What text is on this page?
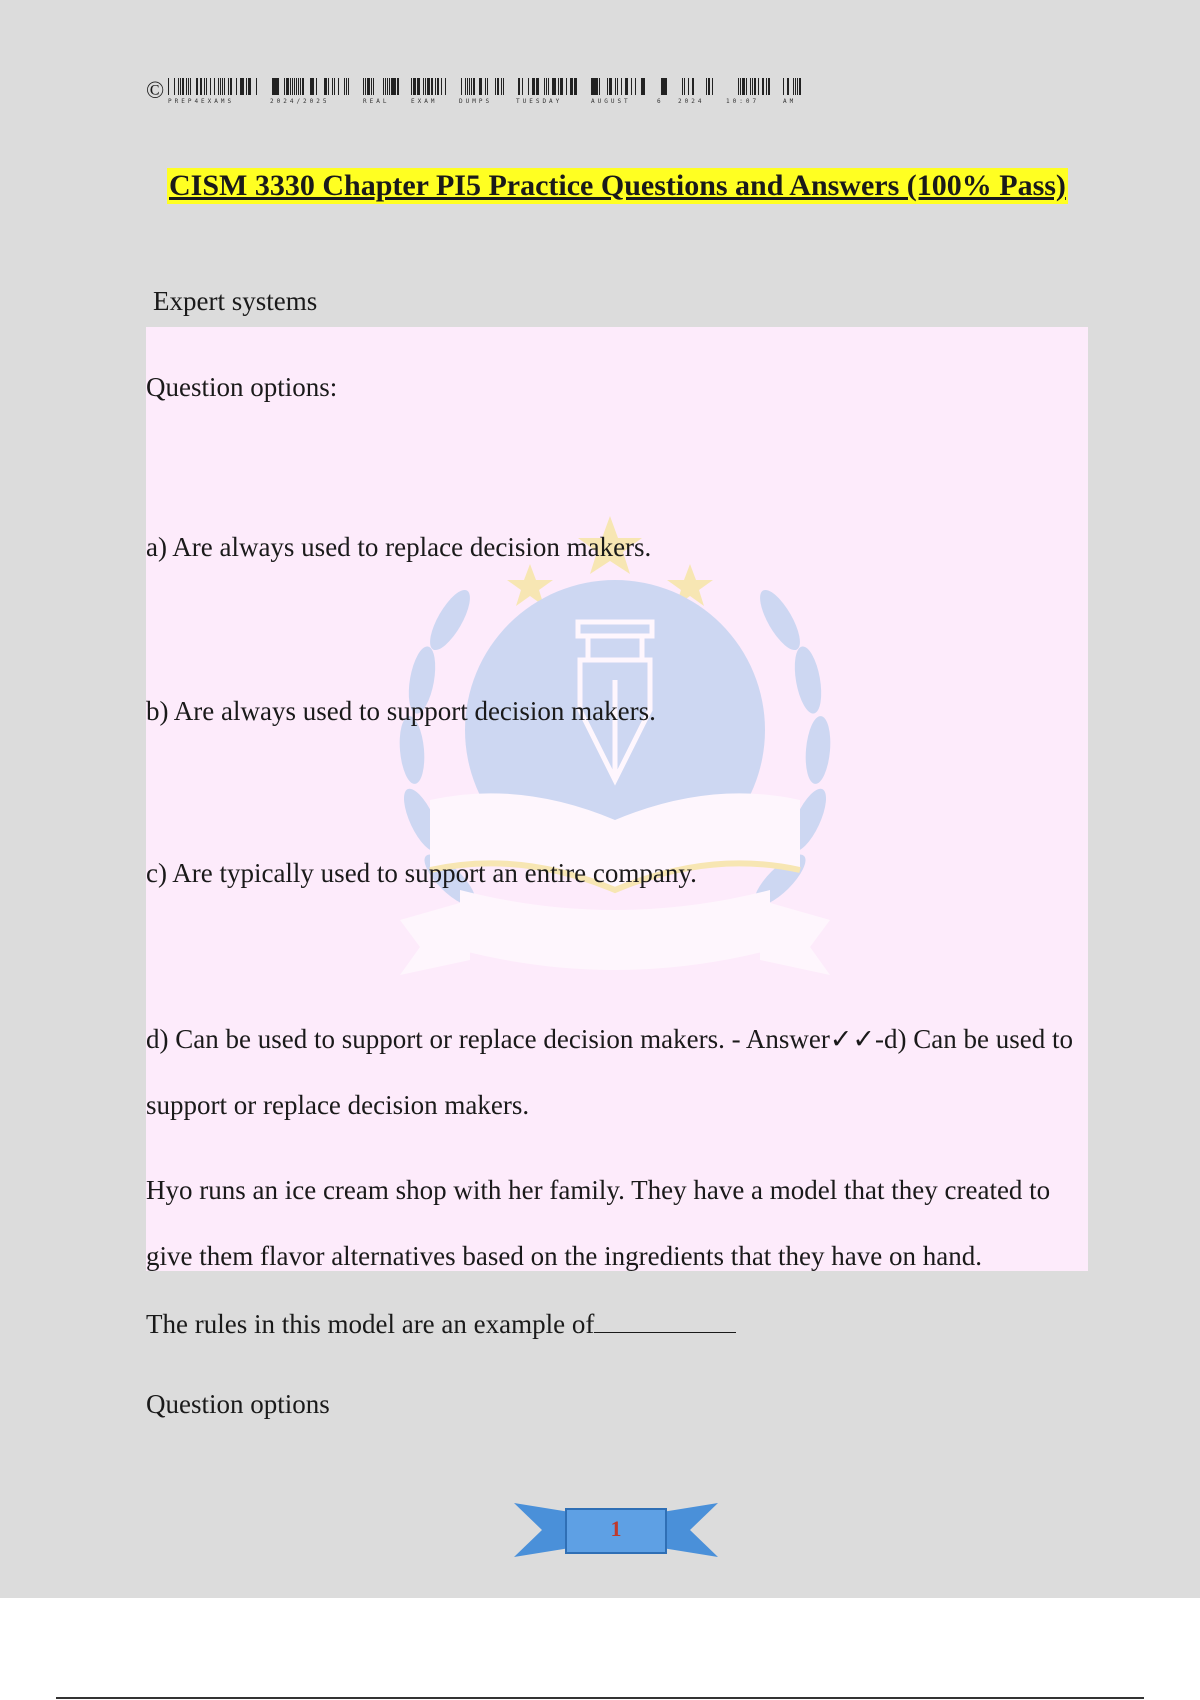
© PREP4EXAMS	2024/2025	REAL	EXAM	DUMPS	TUESDAY	AUGUST	6 2024	10:07	AM
CISM 3330 Chapter PI5 Practice Questions and Answers (100% Pass)
Expert systems
Question options:
a) Are always used to replace decision makers.
b) Are always used to support decision makers.
c) Are typically used to support an entire company.
d) Can be used to support or replace decision makers. - Answer✓✓-d) Can be used to support or replace decision makers.
Hyo runs an ice cream shop with her family. They have a model that they created to give them flavor alternatives based on the ingredients that they have on hand.
The rules in this model are an example of
Question options
1
